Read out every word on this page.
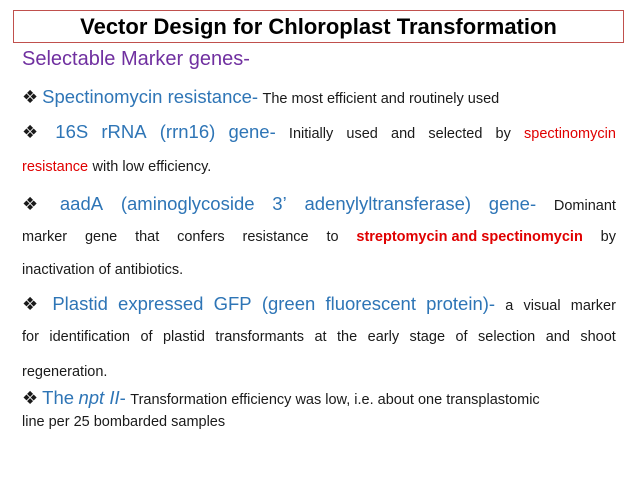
Vector Design for Chloroplast Transformation
Selectable Marker genes-
❖ Spectinomycin resistance- The most efficient and routinely used
❖ 16S rRNA (rrn16) gene- Initially used and selected by spectinomycin
resistance with low efficiency.
❖ aadA (aminoglycoside 3’ adenylyltransferase) gene- Dominant
marker gene that confers resistance to streptomycin and spectinomycin by
inactivation of antibiotics.
❖ Plastid expressed GFP (green fluorescent protein)- a visual marker
for identification of plastid transformants at the early stage of selection and shoot
regeneration.
❖ The npt II- Transformation efficiency was low, i.e. about one transplastomic
line per 25 bombarded samples
